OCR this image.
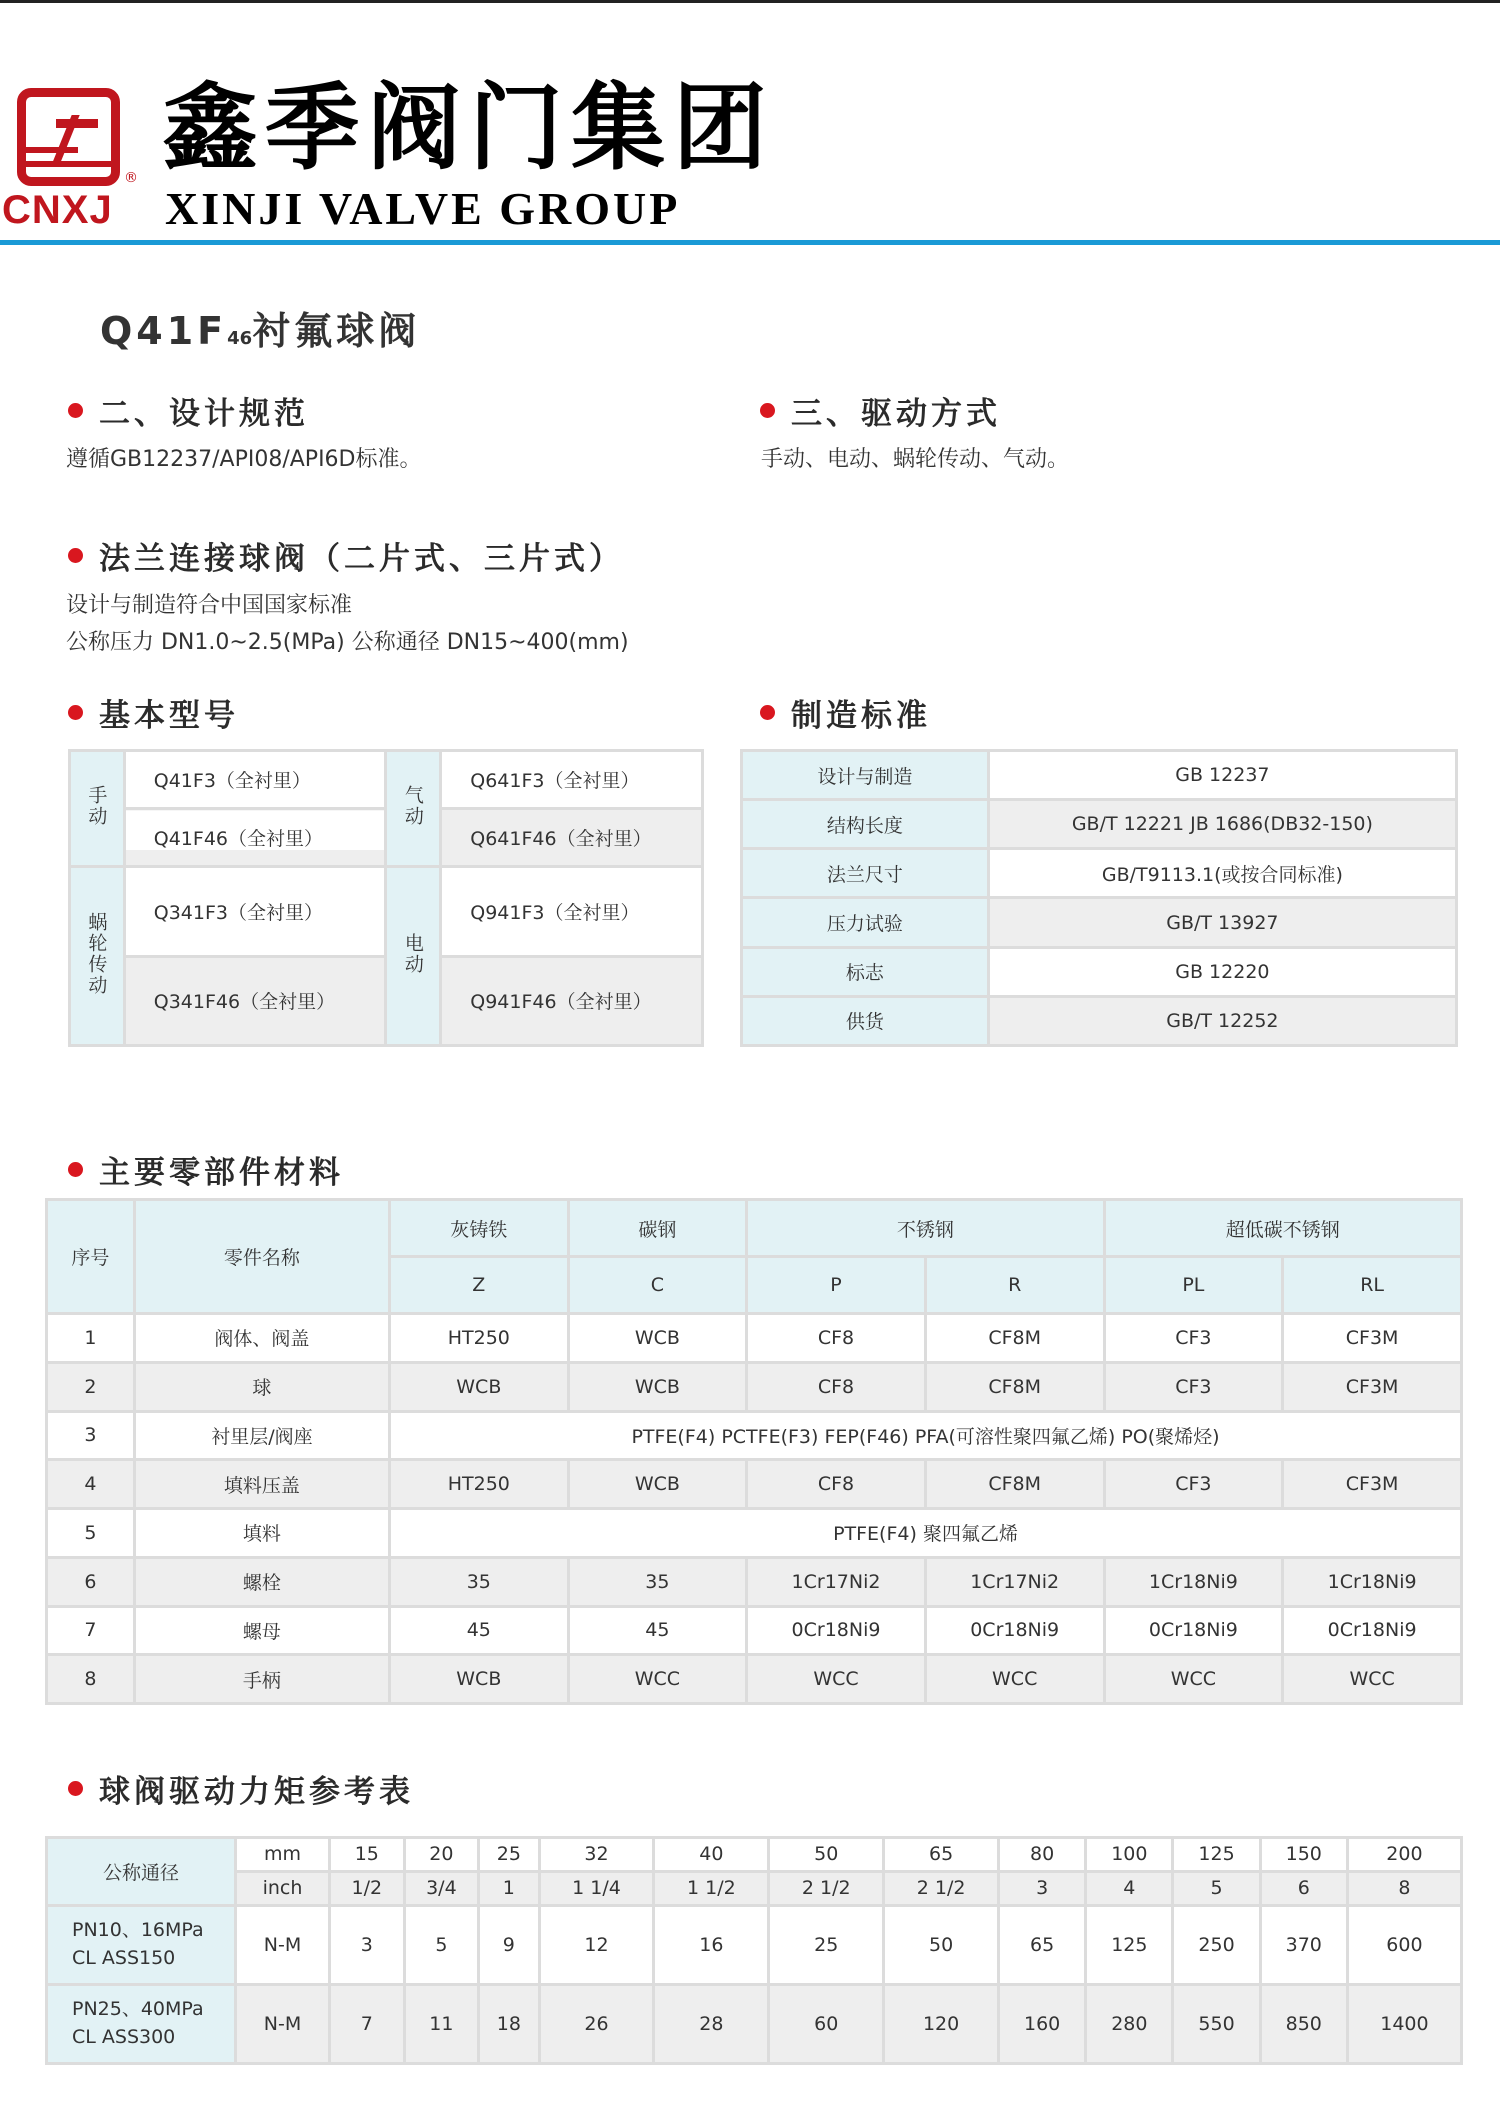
®
CNXJ
鑫季阀门集团
XINJI VALVE GROUP
Q41F46衬氟球阀
二、设计规范
遵循GB12237/API08/API6D标准。
三、驱动方式
手动、电动、蜗轮传动、气动。
法兰连接球阀（二片式、三片式）
设计与制造符合中国国家标准
公称压力 DN1.0~2.5(MPa) 公称通径 DN15~400(mm)
基本型号
手动	Q41F3（全衬里）	气动	Q641F3（全衬里）
	Q41F46（全衬里）		Q641F46（全衬里）
蜗轮传动	Q341F3（全衬里）	电动	Q941F3（全衬里）
	Q341F46（全衬里）		Q941F46（全衬里）
制造标准
设计与制造	GB 12237
结构长度	GB/T 12221 JB 1686(DB32-150)
法兰尺寸	GB/T9113.1(或按合同标准)
压力试验	GB/T 13927
标志	GB 12220
供货	GB/T 12252
主要零部件材料
序号	零件名称	灰铸铁	碳钢	不锈钢		超低碳不锈钢	
		Z	C	P	R	PL	RL
1	阀体、阀盖	HT250	WCB	CF8	CF8M	CF3	CF3M
2	球	WCB	WCB	CF8	CF8M	CF3	CF3M
3	衬里层/阀座	PTFE(F4) PCTFE(F3) FEP(F46) PFA(可溶性聚四氟乙烯) PO(聚烯烃)					
4	填料压盖	HT250	WCB	CF8	CF8M	CF3	CF3M
5	填料	PTFE(F4) 聚四氟乙烯					
6	螺栓	35	35	1Cr17Ni2	1Cr17Ni2	1Cr18Ni9	1Cr18Ni9
7	螺母	45	45	0Cr18Ni9	0Cr18Ni9	0Cr18Ni9	0Cr18Ni9
8	手柄	WCB	WCC	WCC	WCC	WCC	WCC
球阀驱动力矩参考表
公称通径	mm	15	20	25	32	40	50	65	80	100	125	150	200
	inch	1/2	3/4	1	1 1/4	1 1/2	2 1/2	2 1/2	3	4	5	6	8

PN10、16MPa
CL ASS150	N-M	3	5	9	12	16	25	50	65	125	250	370	600

PN25、40MPa
CL ASS300	N-M	7	11	18	26	28	60	120	160	280	550	850	1400
